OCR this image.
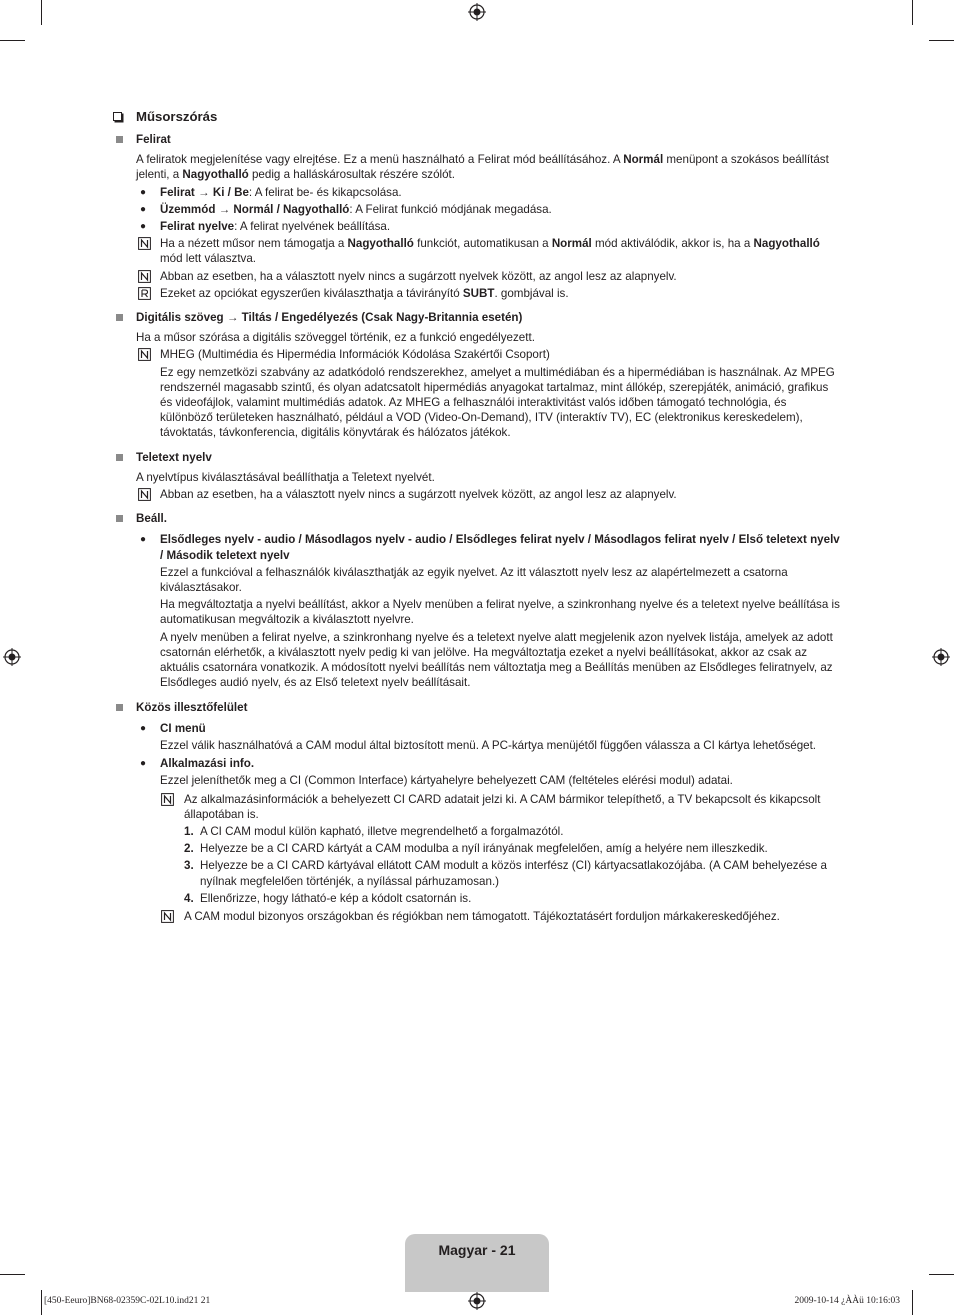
Műsorszórás
Felirat
A feliratok megjelenítése vagy elrejtése. Ez a menü használható a Felirat mód beállításához. A Normál menüpont a szokásos beállítást jelenti, a Nagyothalló pedig a halláskárosultak részére szólót.
● Felirat → Ki / Be: A felirat be- és kikapcsolása.
● Üzemmód → Normál / Nagyothalló: A Felirat funkció módjának megadása.
● Felirat nyelve: A felirat nyelvének beállítása.
Ha a nézett műsor nem támogatja a Nagyothalló funkciót, automatikusan a Normál mód aktiválódik, akkor is, ha a Nagyothalló mód lett választva.
Abban az esetben, ha a választott nyelv nincs a sugárzott nyelvek között, az angol lesz az alapnyelv.
Ezeket az opciókat egyszerűen kiválaszthatja a távirányító SUBT. gombjával is.
Digitális szöveg → Tiltás / Engedélyezés (Csak Nagy-Britannia esetén)
Ha a műsor szórása a digitális szöveggel történik, ez a funkció engedélyezett.
MHEG (Multimédia és Hipermédia Információk Kódolása Szakértői Csoport)
Ez egy nemzetközi szabvány az adatkódoló rendszerekhez, amelyet a multimédiában és a hipermédiában is használnak. Az MPEG rendszernél magasabb szintű, és olyan adatcsatolt hipermédiás anyagokat tartalmaz, mint állókép, szerepjáték, animáció, grafikus és videofájlok, valamint multimédiás adatok. Az MHEG a felhasználói interaktivitást valós időben támogató technológia, és különböző területeken használható, például a VOD (Video-On-Demand), ITV (interaktív TV), EC (elektronikus kereskedelem), távoktatás, távkonferencia, digitális könyvtárak és hálózatos játékok.
Teletext nyelv
A nyelvtípus kiválasztásával beállíthatja a Teletext nyelvét.
Abban az esetben, ha a választott nyelv nincs a sugárzott nyelvek között, az angol lesz az alapnyelv.
Beáll.
● Elsődleges nyelv - audio / Másodlagos nyelv - audio / Elsődleges felirat nyelv / Másodlagos felirat nyelv / Első teletext nyelv / Második teletext nyelv
Ezzel a funkcióval a felhasználók kiválaszthatják az egyik nyelvet. Az itt választott nyelv lesz az alapértelmezett a csatorna kiválasztásakor.
Ha megváltoztatja a nyelvi beállítást, akkor a Nyelv menüben a felirat nyelve, a szinkronhang nyelve és a teletext nyelve beállítása is automatikusan megváltozik a kiválasztott nyelvre.
A nyelv menüben a felirat nyelve, a szinkronhang nyelve és a teletext nyelve alatt megjelenik azon nyelvek listája, amelyek az adott csatornán elérhetők, a kiválasztott nyelv pedig ki van jelölve. Ha megváltoztatja ezeket a nyelvi beállításokat, akkor az csak az aktuális csatornára vonatkozik. A módosított nyelvi beállítás nem változtatja meg a Beállítás menüben az Elsődleges feliratnyelv, az Elsődleges audió nyelv, és az Első teletext nyelv beállításait.
Közös illesztőfelület
● CI menü
Ezzel válik használhatóvá a CAM modul által biztosított menü. A PC-kártya menüjétől függően válassza a CI kártya lehetőséget.
● Alkalmazási info.
Ezzel jeleníthetők meg a CI (Common Interface) kártyahelyre behelyezett CAM (feltételes elérési modul) adatai.
Az alkalmazásinformációk a behelyezett CI CARD adatait jelzi ki. A CAM bármikor telepíthető, a TV bekapcsolt és kikapcsolt állapotában is.
1. A CI CAM modul külön kapható, illetve megrendelhető a forgalmazótól.
2. Helyezze be a CI CARD kártyát a CAM modulba a nyíl irányának megfelelően, amíg a helyére nem illeszkedik.
3. Helyezze be a CI CARD kártyával ellátott CAM modult a közös interfész (CI) kártyacsatlakozójába. (A CAM behelyezése a nyílnak megfelelően történjék, a nyílással párhuzamosan.)
4. Ellenőrizze, hogy látható-e kép a kódolt csatornán is.
A CAM modul bizonyos országokban és régiókban nem támogatott. Tájékoztatásért forduljon márkakereskedőjéhez.
Magyar - 21
[450-Eeuro]BN68-02359C-02L10.ind21 21	2009-10-14 ¿ÀÀü 10:16:03
